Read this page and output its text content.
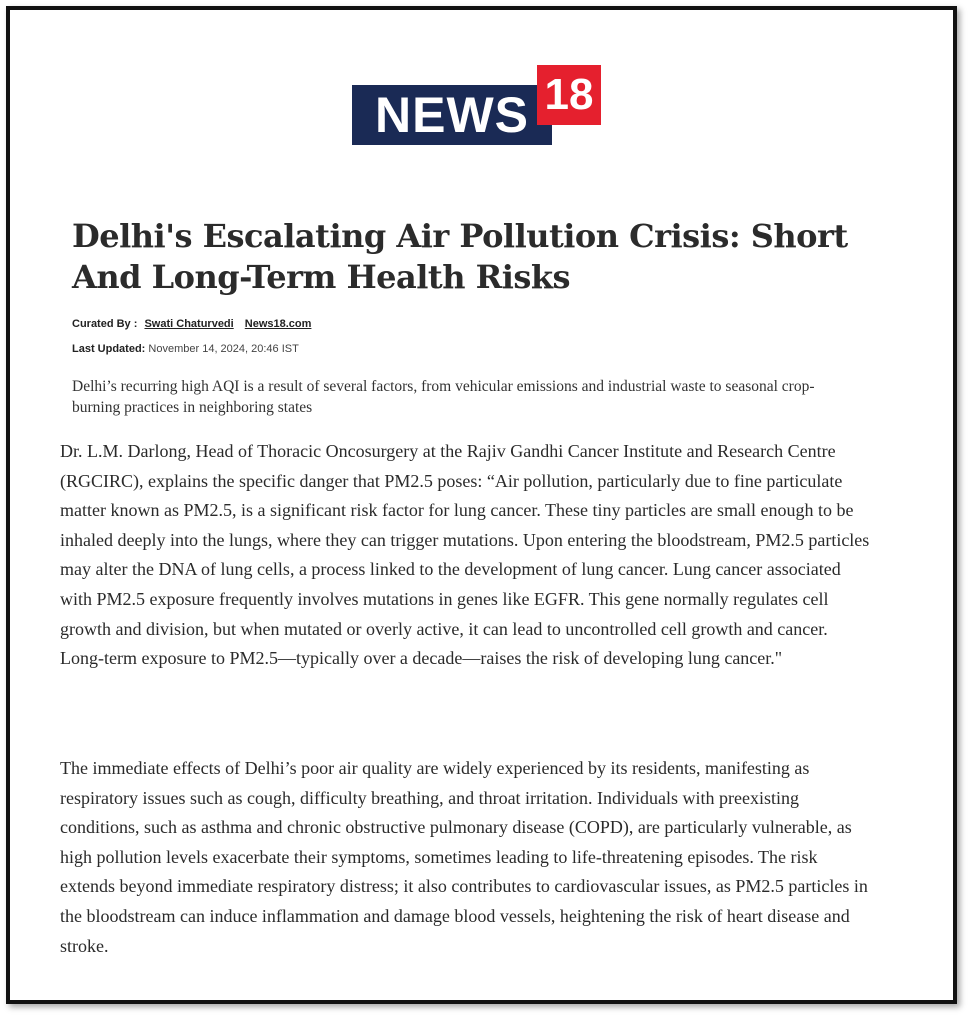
NEWS 18
Delhi's Escalating Air Pollution Crisis: Short And Long-Term Health Risks
Curated By : Swati Chaturvedi News18.com
Last Updated: November 14, 2024, 20:46 IST
Delhi’s recurring high AQI is a result of several factors, from vehicular emissions and industrial waste to seasonal crop-burning practices in neighboring states

Dr. L.M. Darlong, Head of Thoracic Oncosurgery at the Rajiv Gandhi Cancer Institute and Research Centre (RGCIRC), explains the specific danger that PM2.5 poses: “Air pollution, particularly due to fine particulate matter known as PM2.5, is a significant risk factor for lung cancer. These tiny particles are small enough to be inhaled deeply into the lungs, where they can trigger mutations. Upon entering the bloodstream, PM2.5 particles may alter the DNA of lung cells, a process linked to the development of lung cancer. Lung cancer associated with PM2.5 exposure frequently involves mutations in genes like EGFR. This gene normally regulates cell growth and division, but when mutated or overly active, it can lead to uncontrolled cell growth and cancer. Long-term exposure to PM2.5—typically over a decade—raises the risk of developing lung cancer."

The immediate effects of Delhi’s poor air quality are widely experienced by its residents, manifesting as respiratory issues such as cough, difficulty breathing, and throat irritation. Individuals with preexisting conditions, such as asthma and chronic obstructive pulmonary disease (COPD), are particularly vulnerable, as high pollution levels exacerbate their symptoms, sometimes leading to life-threatening episodes. The risk extends beyond immediate respiratory distress; it also contributes to cardiovascular issues, as PM2.5 particles in the bloodstream can induce inflammation and damage blood vessels, heightening the risk of heart disease and stroke.
